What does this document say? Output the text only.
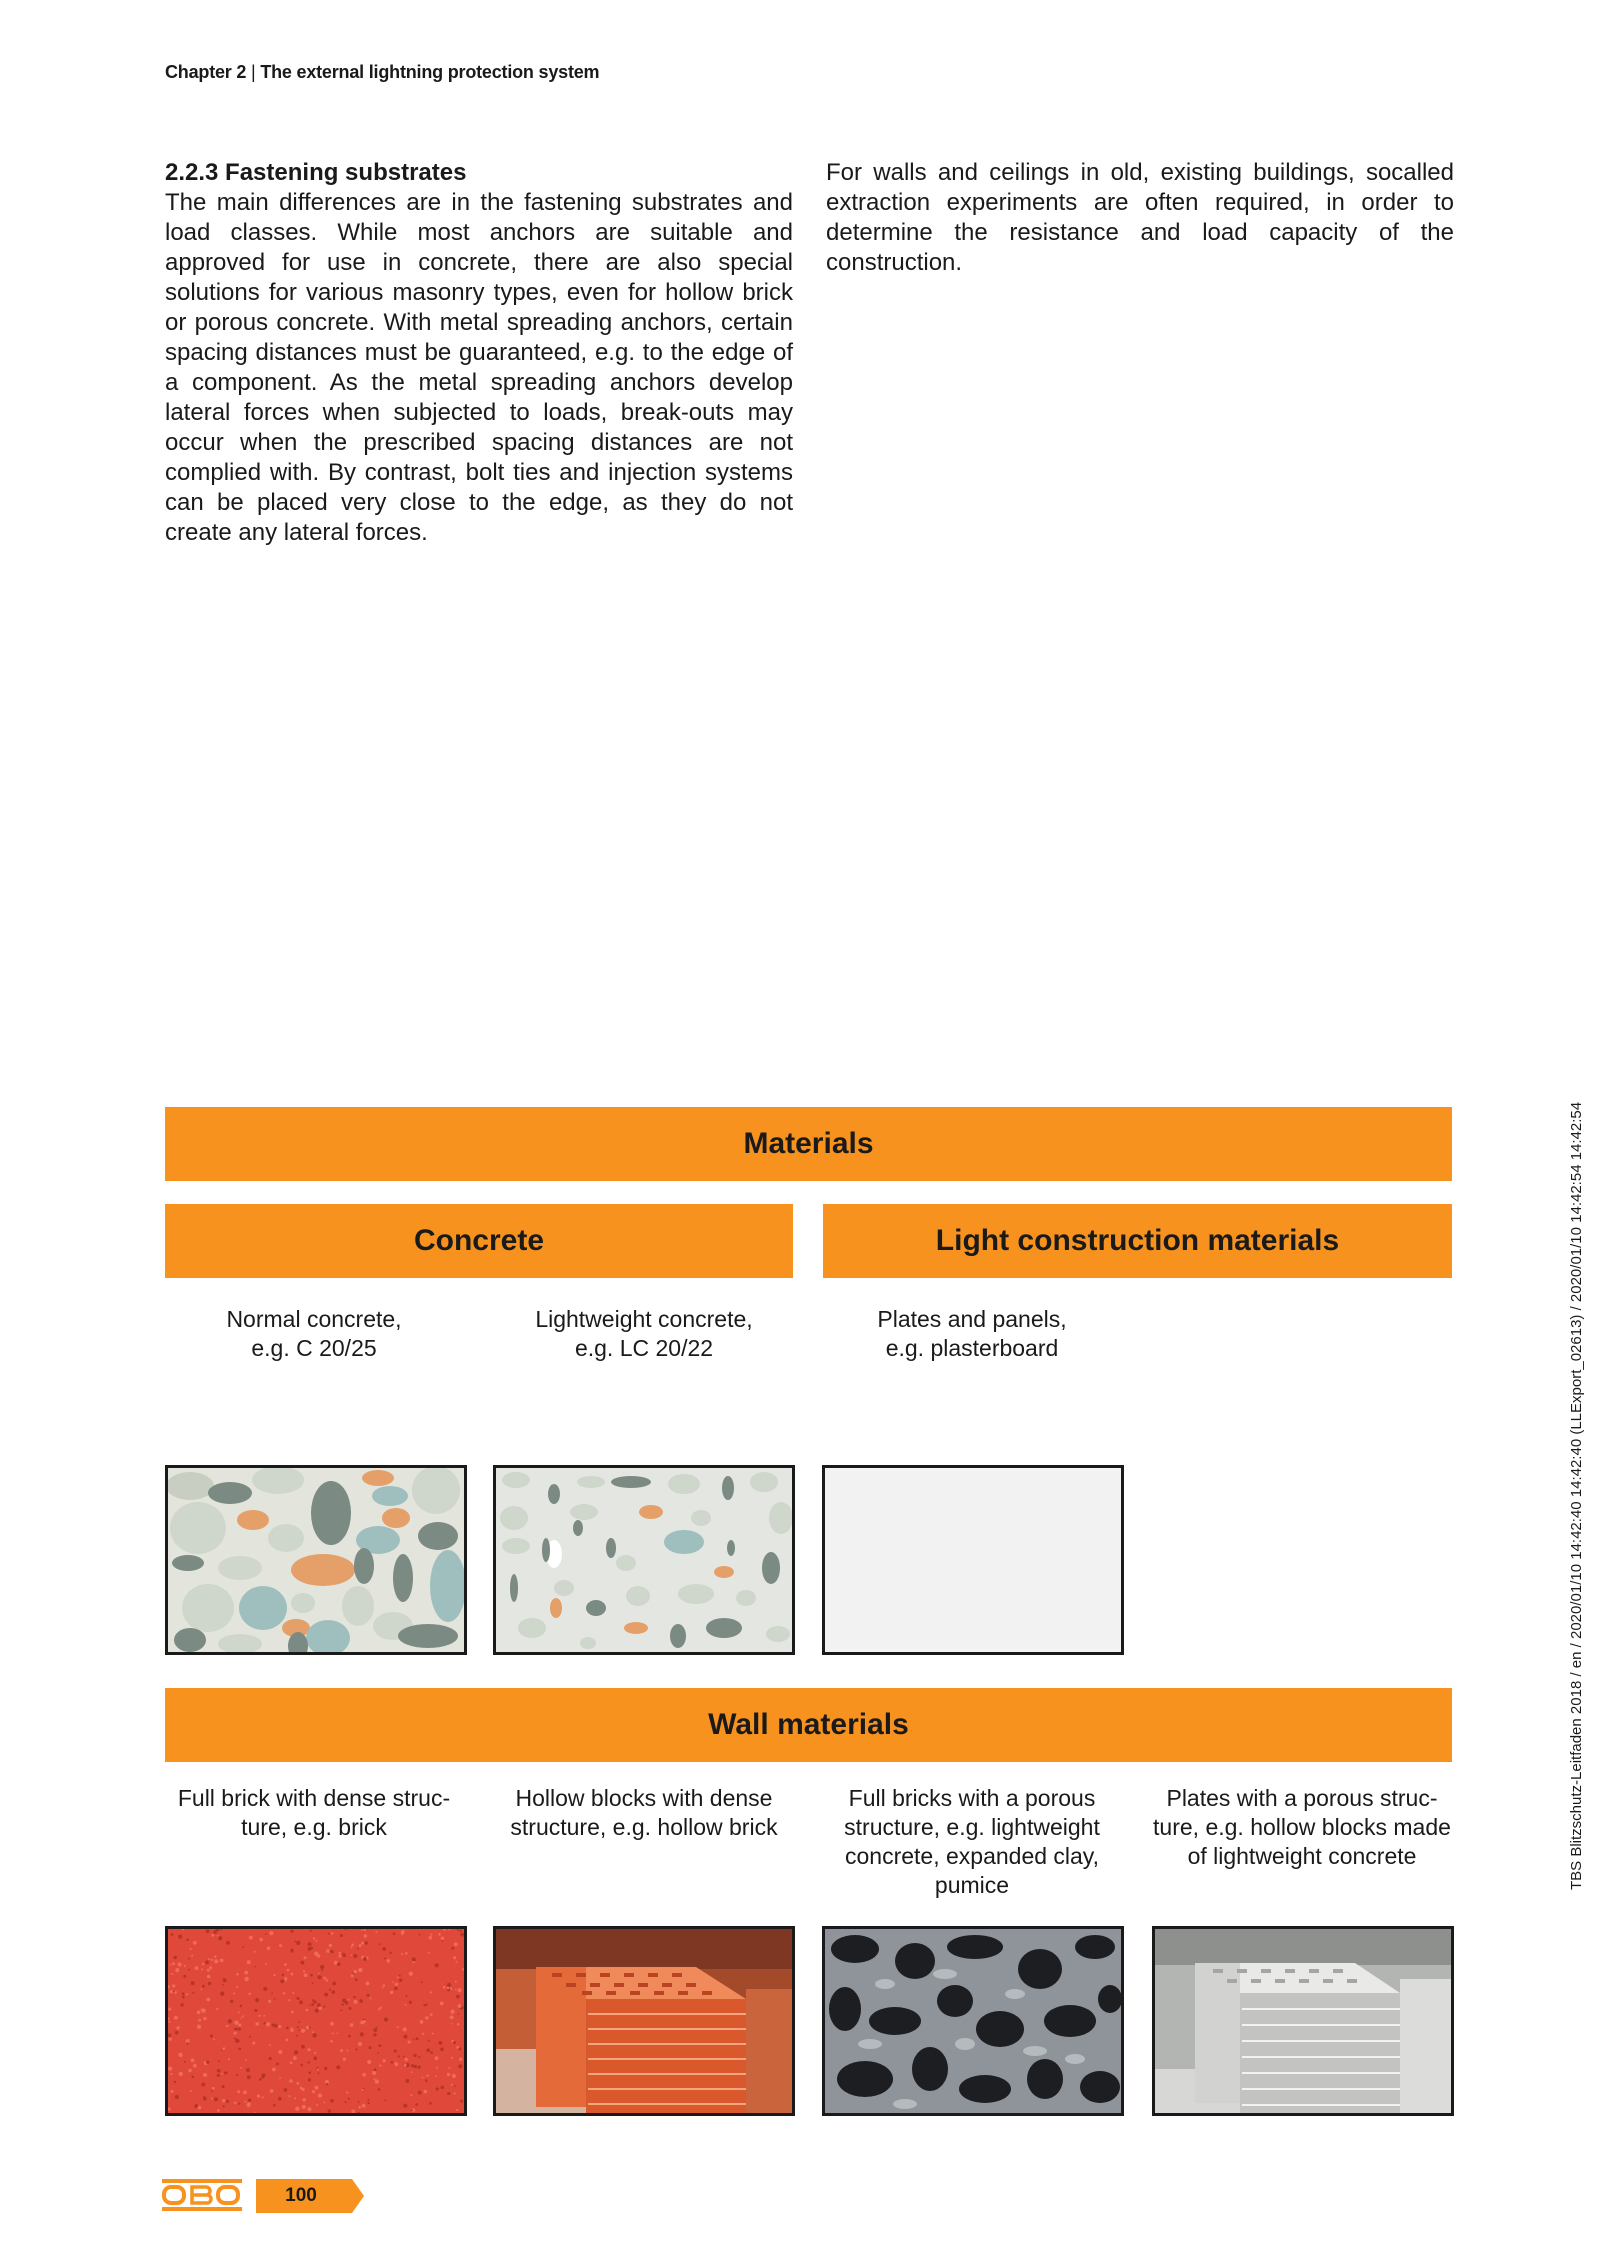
Chapter 2 | The external lightning protection system

2.2.3 Fastening substrates

The main differences are in the fastening substrates and load classes. While most anchors are suitable and approved for use in concrete, there are also special solutions for various masonry types, even for hollow brick or porous concrete. With metal spreading anchors, certain spacing distances must be guaranteed, e.g. to the edge of a component. As the metal spreading anchors develop lateral forces when subjected to loads, break-outs may occur when the prescribed spacing distances are not complied with. By contrast, bolt ties and injection systems can be placed very close to the edge, as they do not create any lateral forces.

For walls and ceilings in old, existing buildings, socalled extraction experiments are often required, in order to determine the resistance and load capacity of the construction.

Materials
Concrete	Light construction materials
Normal concrete,
e.g. C 20/25
Lightweight concrete,
e.g. LC 20/22
Plates and panels,
e.g. plasterboard
Wall materials
Full brick with dense structure, e.g. brick
Hollow blocks with dense structure, e.g. hollow brick
Full bricks with a porous structure, e.g. lightweight concrete, expanded clay, pumice
Plates with a porous structure, e.g. hollow blocks made of lightweight concrete	TBS Blitzschutz-Leitfaden 2018 / en / 2020/01/10 14:42:40 14:42:40 (LLExport_02613) / 2020/01/10 14:42:54 14:42:54
100
